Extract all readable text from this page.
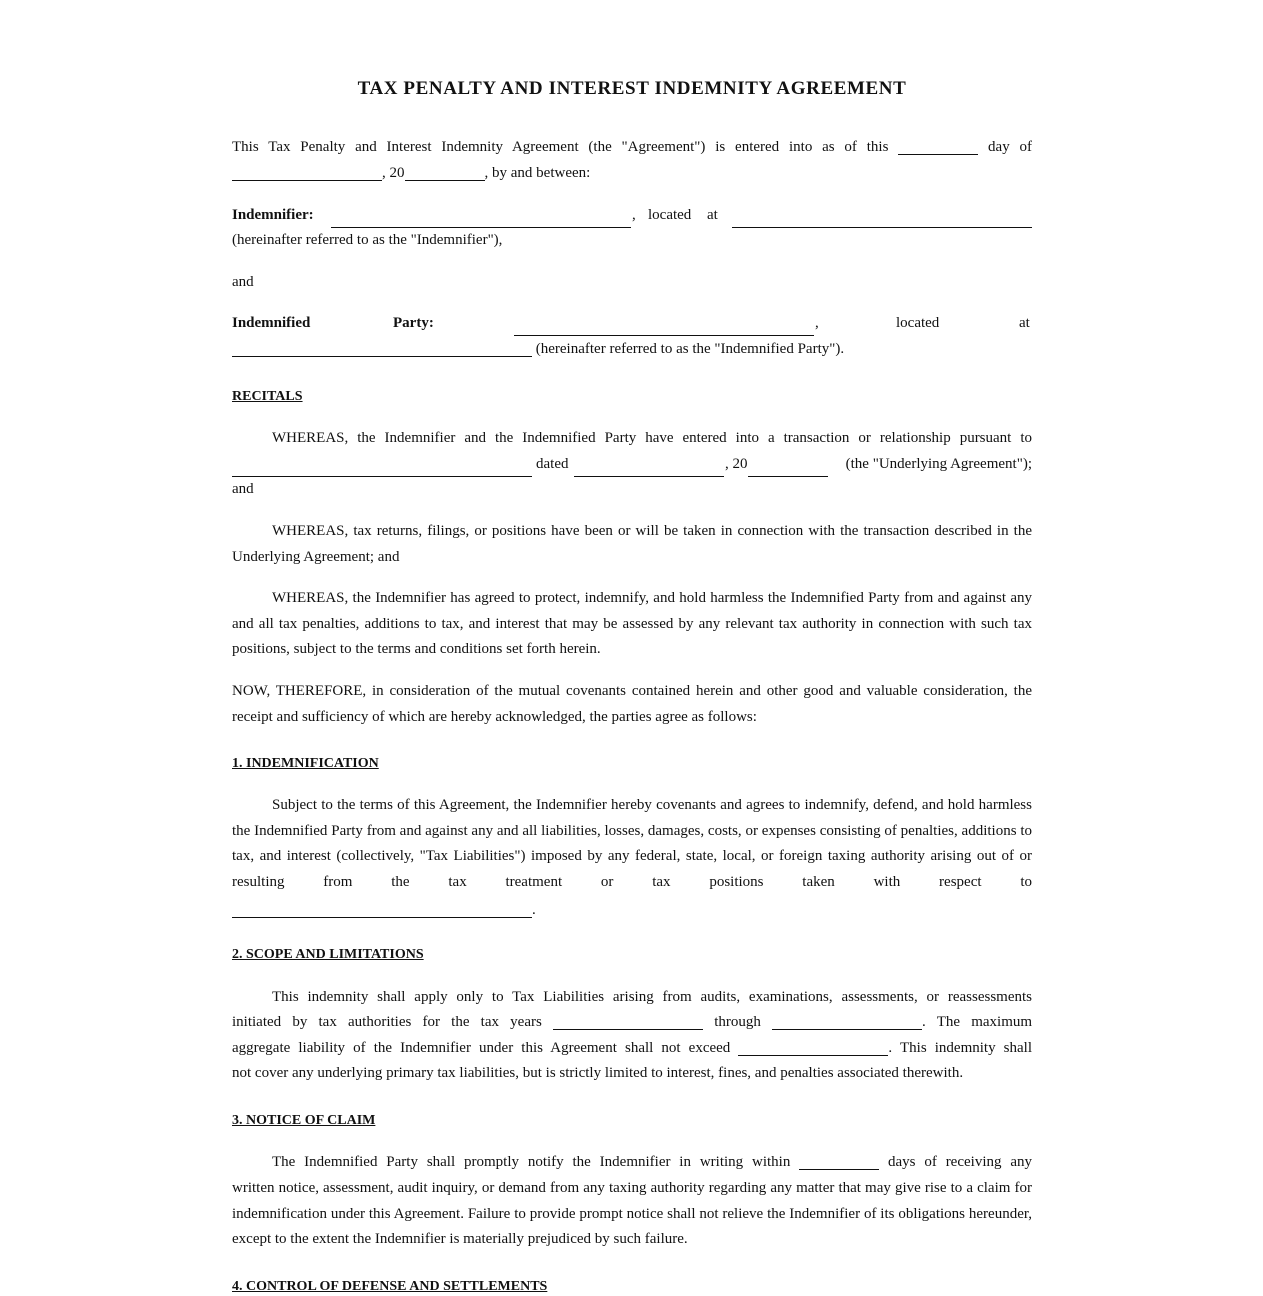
TAX PENALTY AND INTEREST INDEMNITY AGREEMENT
This Tax Penalty and Interest Indemnity Agreement (the "Agreement") is entered into as of this	day of
, 20	, by and between:
Indemnifier:	, located at
(hereinafter referred to as the "Indemnifier"),
and
Indemnified	Party:	,	located	at
(hereinafter referred to as the "Indemnified Party").
RECITALS
WHEREAS, the Indemnifier and the Indemnified Party have entered into a transaction or relationship pursuant to
dated	, 20	(the "Underlying Agreement");
and
WHEREAS, tax returns, filings, or positions have been or will be taken in connection with the transaction described in the Underlying Agreement; and
WHEREAS, the Indemnifier has agreed to protect, indemnify, and hold harmless the Indemnified Party from and against any and all tax penalties, additions to tax, and interest that may be assessed by any relevant tax authority in connection with such tax positions, subject to the terms and conditions set forth herein.
NOW, THEREFORE, in consideration of the mutual covenants contained herein and other good and valuable consideration, the receipt and sufficiency of which are hereby acknowledged, the parties agree as follows:
1. INDEMNIFICATION
Subject to the terms of this Agreement, the Indemnifier hereby covenants and agrees to indemnify, defend, and hold harmless the Indemnified Party from and against any and all liabilities, losses, damages, costs, or expenses consisting of penalties, additions to tax, and interest (collectively, "Tax Liabilities") imposed by any federal, state, local, or foreign taxing authority arising out of or resulting from the tax treatment or tax positions taken with respect to
.
2. SCOPE AND LIMITATIONS
This indemnity shall apply only to Tax Liabilities arising from audits, examinations, assessments, or reassessments
initiated by tax authorities for the tax years	through	. The maximum
aggregate liability of the Indemnifier under this Agreement shall not exceed	. This indemnity shall
not cover any underlying primary tax liabilities, but is strictly limited to interest, fines, and penalties associated therewith.
3. NOTICE OF CLAIM
The Indemnified Party shall promptly notify the Indemnifier in writing within	days of receiving any
written notice, assessment, audit inquiry, or demand from any taxing authority regarding any matter that may give rise to a claim for indemnification under this Agreement. Failure to provide prompt notice shall not relieve the Indemnifier of its obligations hereunder, except to the extent the Indemnifier is materially prejudiced by such failure.
4. CONTROL OF DEFENSE AND SETTLEMENTS
